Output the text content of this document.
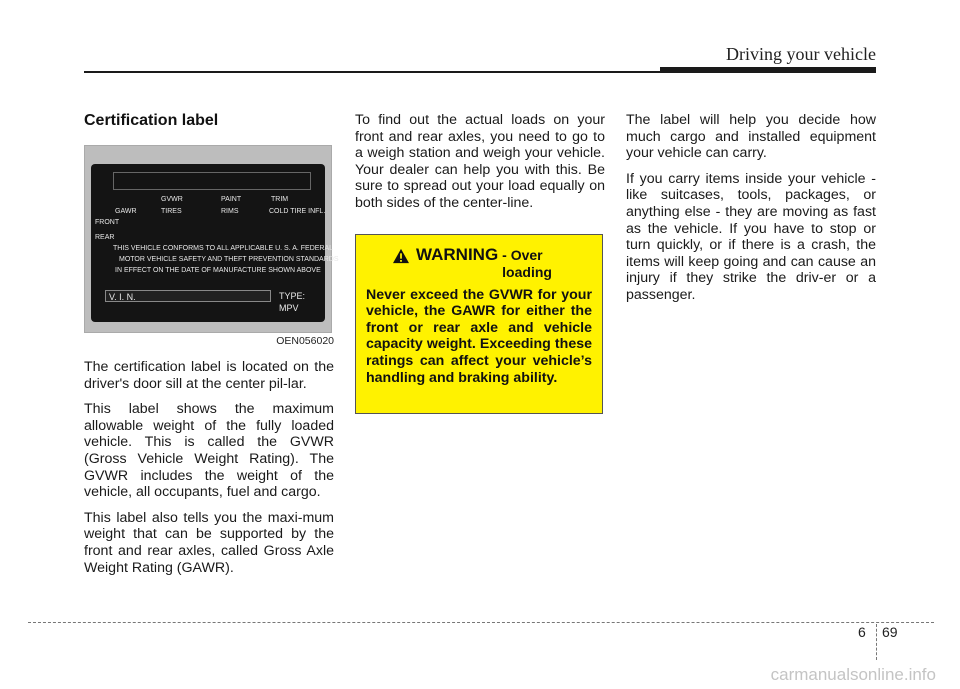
Driving your vehicle
Certification label
GVWR	PAINT	TRIM
GAWR	TIRES	RIMS	COLD TIRE INFL.
FRONT
REAR
THIS VEHICLE CONFORMS TO ALL APPLICABLE U. S. A. FEDERAL
MOTOR VEHICLE SAFETY AND THEFT PREVENTION STANDARDS
IN EFFECT ON THE DATE OF MANUFACTURE SHOWN ABOVE
V. I. N.	TYPE: MPV
OEN056020

The certification label is located on the driver's door sill at the center pil-lar.

This label shows the maximum allowable weight of the fully loaded vehicle. This is called the GVWR (Gross Vehicle Weight Rating). The GVWR includes the weight of the vehicle, all occupants, fuel and cargo.

This label also tells you the maxi-mum weight that can be supported by the front and rear axles, called Gross Axle Weight Rating (GAWR).

To find out the actual loads on your front and rear axles, you need to go to a weigh station and weigh your vehicle. Your dealer can help you with this. Be sure to spread out your load equally on both sides of the center-line.

WARNING - Over loading
Never exceed the GVWR for your vehicle, the GAWR for either the front or rear axle and vehicle capacity weight. Exceeding these ratings can affect your vehicle’s handling and braking ability.

The label will help you decide how much cargo and installed equipment your vehicle can carry.

If you carry items inside your vehicle - like suitcases, tools, packages, or anything else - they are moving as fast as the vehicle. If you have to stop or turn quickly, or if there is a crash, the items will keep going and can cause an injury if they strike the driv-er or a passenger.

6 69
carmanualsonline.info
